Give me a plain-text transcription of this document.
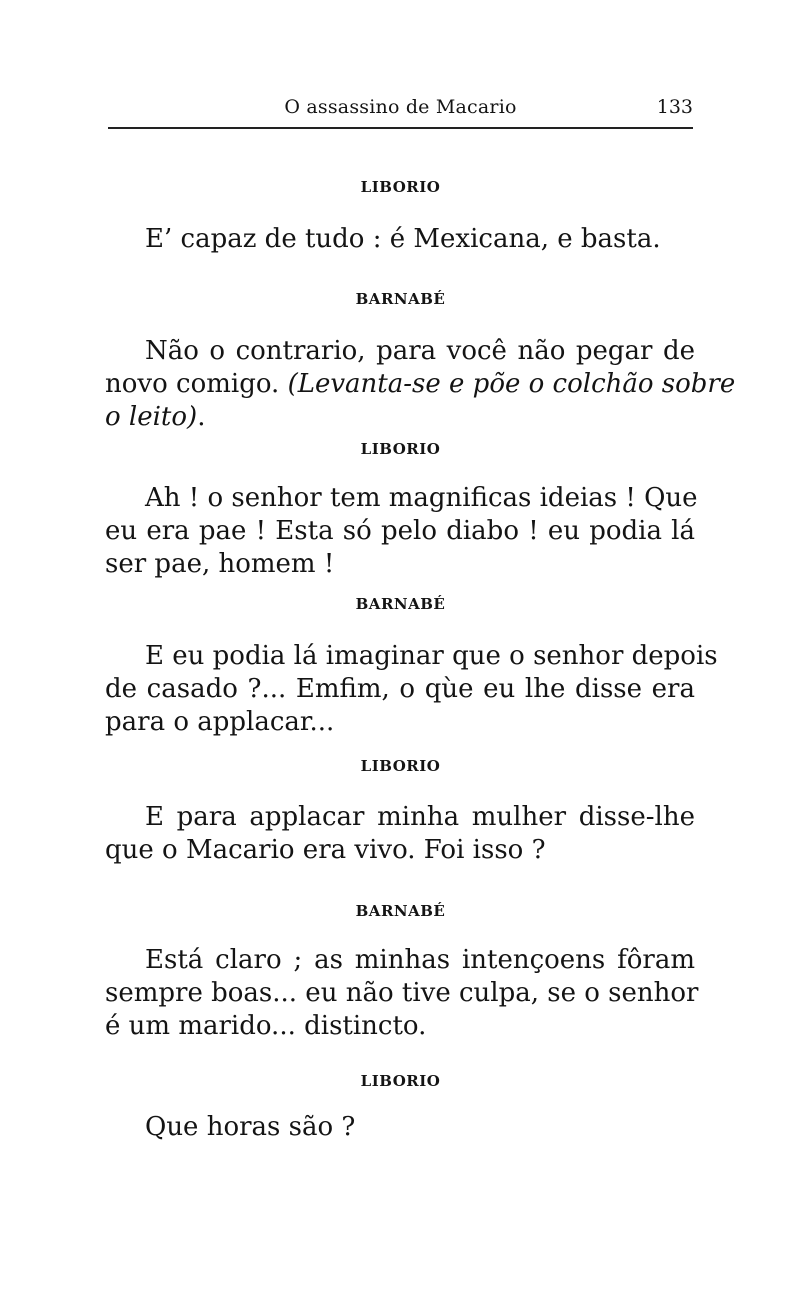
O assassino de Macario	133
LIBORIO
E’ capaz de tudo : é Mexicana, e basta.
BARNABÉ
Não o contrario, para você não pegar de
novo comigo. (Levanta-se e põe o colchão sobre
o leito).
LIBORIO
Ah ! o senhor tem magnificas ideias ! Que
eu era pae ! Esta só pelo diabo ! eu podia lá
ser pae, homem !
BARNABÉ
E eu podia lá imaginar que o senhor depois
de casado ?... Emfim, o qùe eu lhe disse era
para o applacar...
LIBORIO
E para applacar minha mulher disse-lhe
que o Macario era vivo. Foi isso ?
BARNABÉ
Está claro ; as minhas intençoens fôram
sempre boas... eu não tive culpa, se o senhor
é um marido... distincto.
LIBORIO
Que horas são ?
